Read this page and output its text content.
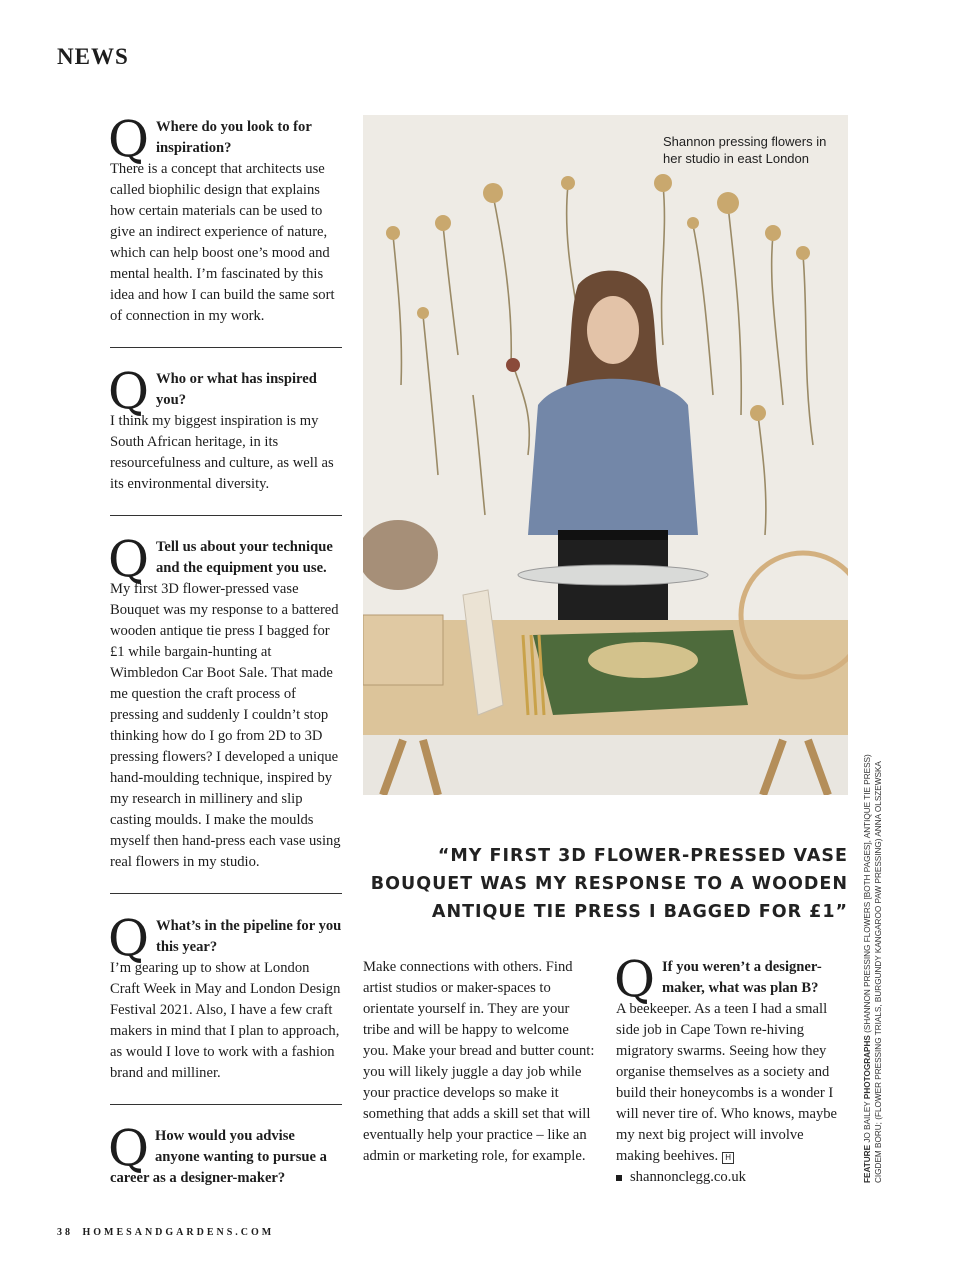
NEWS
Q Where do you look to for inspiration?

There is a concept that architects use called biophilic design that explains how certain materials can be used to give an indirect experience of nature, which can help boost one’s mood and mental health. I’m fascinated by this idea and how I can build the same sort of connection in my work.

Q Who or what has inspired you?

I think my biggest inspiration is my South African heritage, in its resourcefulness and culture, as well as its environmental diversity.

Q Tell us about your technique and the equipment you use.

My first 3D flower-pressed vase Bouquet was my response to a battered wooden antique tie press I bagged for £1 while bargain-hunting at Wimbledon Car Boot Sale. That made me question the craft process of pressing and suddenly I couldn’t stop thinking how do I go from 2D to 3D pressing flowers? I developed a unique hand-moulding technique, inspired by my research in millinery and slip casting moulds. I make the moulds myself then hand-press each vase using real flowers in my studio.

Q What’s in the pipeline for you this year?

I’m gearing up to show at London Craft Week in May and London Design Festival 2021. Also, I have a few craft makers in mind that I plan to approach, as would I love to work with a fashion brand and milliner.

Q How would you advise anyone wanting to pursue a career as a designer-maker?
Shannon pressing flowers in her studio in east London
“MY FIRST 3D FLOWER-PRESSED VASE BOUQUET WAS MY RESPONSE TO A WOODEN ANTIQUE TIE PRESS I BAGGED FOR £1”
Make connections with others. Find artist studios or maker-spaces to orientate yourself in. They are your tribe and will be happy to welcome you. Make your bread and butter count: you will likely juggle a day job while your practice develops so make it something that adds a skill set that will eventually help your practice – like an admin or marketing role, for example.
Q If you weren’t a designer-maker, what was plan B?

A beekeeper. As a teen I had a small side job in Cape Town re-hiving migratory swarms. Seeing how they organise themselves as a society and build their honeycombs is a wonder I will never tire of. Who knows, maybe my next big project will involve making beehives. H

shannonclegg.co.uk	FEATURE JO BAILEY PHOTOGRAPHS (SHANNON PRESSING FLOWERS [BOTH PAGES], ANTIQUE TIE PRESS) CIGDEM BORU; (FLOWER PRESSING TRIALS, BURGUNDY KANGAROO PAW PRESSING) ANNA OLSZEWSKA
38 HOMESANDGARDENS.COM
